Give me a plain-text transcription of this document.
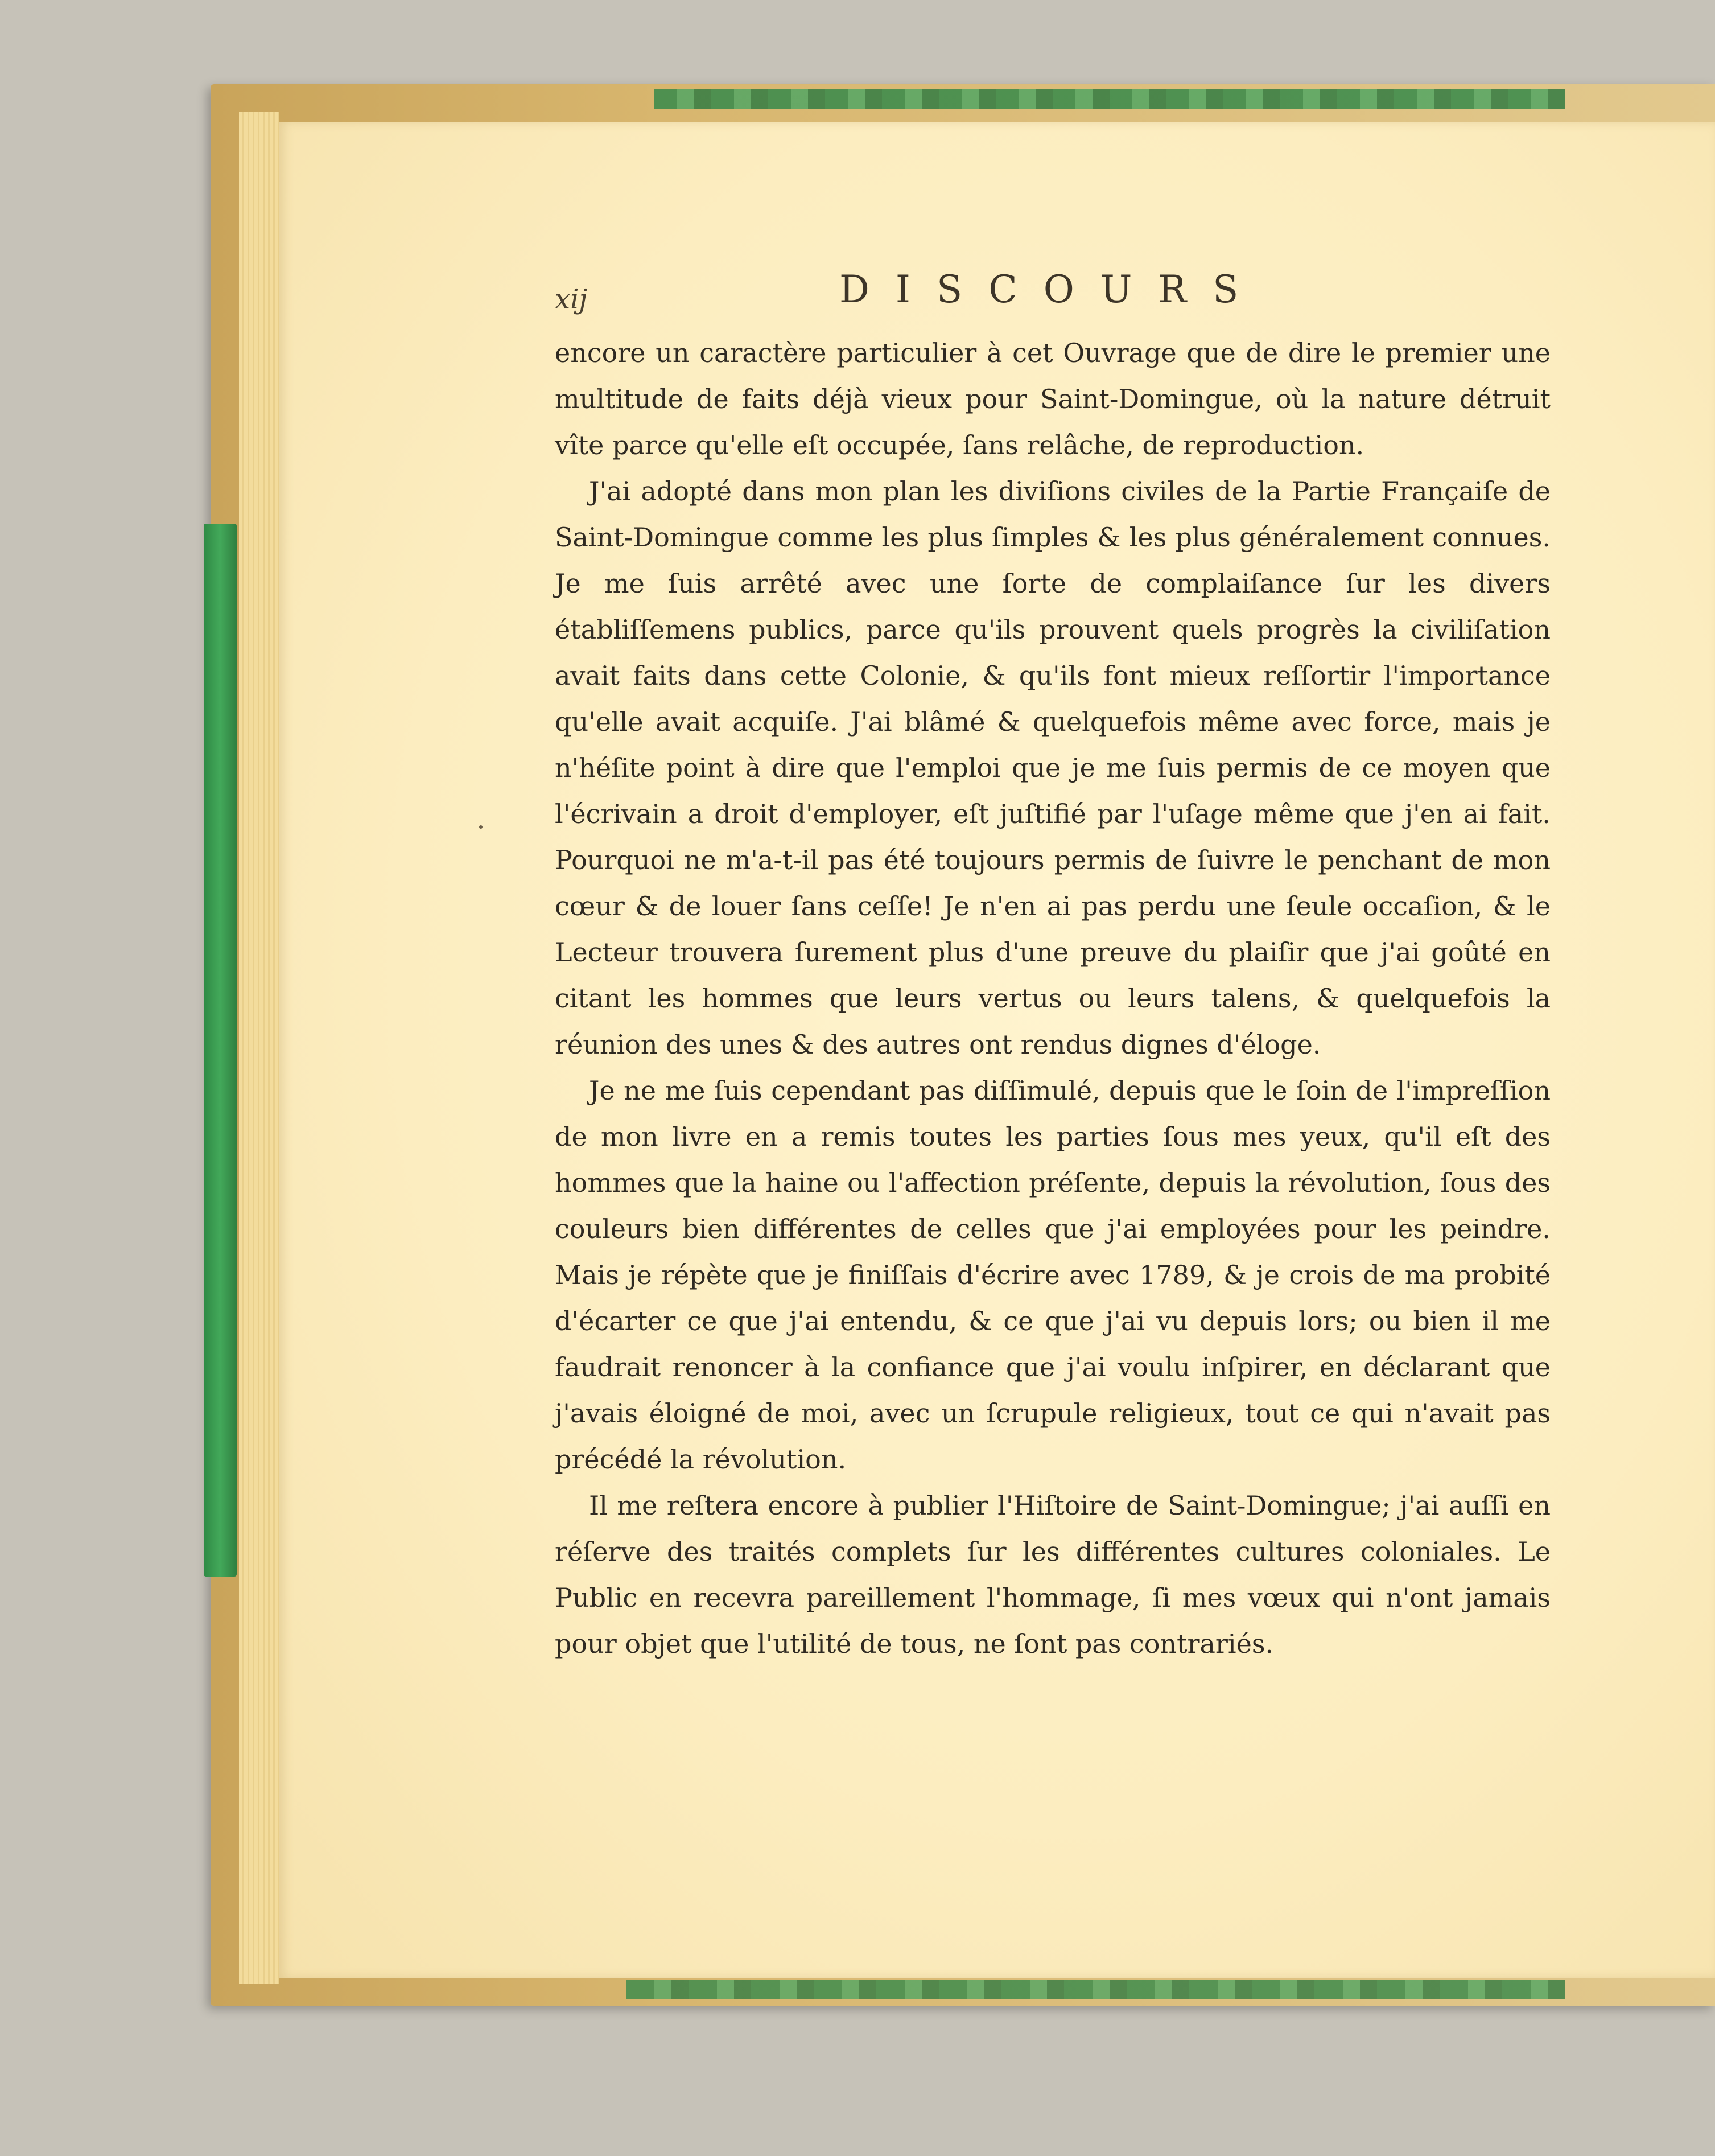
xij	DISCOURS

encore un caractère particulier à cet Ouvrage que de dire le premier une multitude de faits déjà vieux pour Saint-Domingue, où la nature détruit vîte parce qu'elle eſt occupée, ſans relâche, de reproduction.

J'ai adopté dans mon plan les diviſions civiles de la Partie Françaiſe de Saint-Domingue comme les plus ſimples & les plus généralement connues. Je me ſuis arrêté avec une ſorte de complaiſance ſur les divers établiſſemens publics, parce qu'ils prouvent quels progrès la civiliſation avait faits dans cette Colonie, & qu'ils font mieux reſſortir l'importance qu'elle avait acquiſe. J'ai blâmé & quelquefois même avec force, mais je n'héſite point à dire que l'emploi que je me ſuis permis de ce moyen que l'écrivain a droit d'employer, eſt juſtifié par l'uſage même que j'en ai fait. Pourquoi ne m'a-t-il pas été toujours permis de ſuivre le penchant de mon cœur & de louer ſans ceſſe! Je n'en ai pas perdu une ſeule occaſion, & le Lecteur trouvera ſurement plus d'une preuve du plaiſir que j'ai goûté en citant les hommes que leurs vertus ou leurs talens, & quelquefois la réunion des unes & des autres ont rendus dignes d'éloge.

Je ne me ſuis cependant pas diſſimulé, depuis que le ſoin de l'impreſſion de mon livre en a remis toutes les parties ſous mes yeux, qu'il eſt des hommes que la haine ou l'affection préſente, depuis la révolution, ſous des couleurs bien différentes de celles que j'ai employées pour les peindre. Mais je répète que je finiſſais d'écrire avec 1789, & je crois de ma probité d'écarter ce que j'ai entendu, & ce que j'ai vu depuis lors; ou bien il me faudrait renoncer à la confiance que j'ai voulu inſpirer, en déclarant que j'avais éloigné de moi, avec un ſcrupule religieux, tout ce qui n'avait pas précédé la révolution.

Il me reſtera encore à publier l'Hiſtoire de Saint-Domingue; j'ai auſſi en réſerve des traités complets ſur les différentes cultures coloniales. Le Public en recevra pareillement l'hommage, ſi mes vœux qui n'ont jamais pour objet que l'utilité de tous, ne ſont pas contrariés.
